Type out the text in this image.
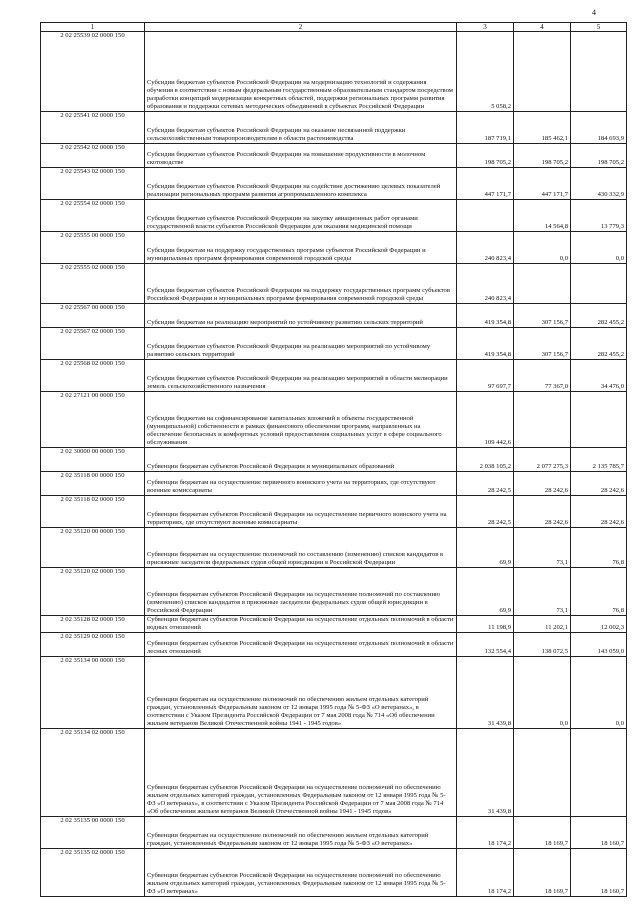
4
1	2	3	4	5
2 02 25539 02 0000 150	Субсидии бюджетам субъектов Российской Федерации на модернизацию технологий и содержания обучения в соответствии с новым федеральным государственным образовательным стандартом посредством разработки концепций модернизации конкретных областей, поддержки региональных программ развития образования и поддержки сетевых методических объединений в субъектах Российской Федерации	5 058,2		
2 02 25541 02 0000 150	Субсидии бюджетам субъектов Российской Федерации на оказание несвязанной поддержки сельскохозяйственным товаропроизводителям в области растениеводства	187 719,1	185 462,1	184 693,9
2 02 25542 02 0000 150	Субсидии бюджетам субъектов Российской Федерации на повышение продуктивности в молочном скотоводстве	198 705,2	198 705,2	198 705,2
2 02 25543 02 0000 150	Субсидии бюджетам субъектов Российской Федерации на содействие достижению целевых показателей реализации региональных программ развития агропромышленного комплекса	447 171,7	447 171,7	430 332,9
2 02 25554 02 0000 150	Субсидии бюджетам субъектов Российской Федерации на закупку авиационных работ органами государственной власти субъектов Российской Федерации для оказания медицинской помощи		14 564,8	13 779,3
2 02 25555 00 0000 150	Субсидии бюджетам на поддержку государственных программ субъектов Российской Федерации и муниципальных программ формирования современной городской среды	240 823,4	0,0	0,0
2 02 25555 02 0000 150	Субсидии бюджетам субъектов Российской Федерации на поддержку государственных программ субъектов Российской Федерации и муниципальных программ формирования современной городской среды	240 823,4		
2 02 25567 00 0000 150	Субсидии бюджетам на реализацию мероприятий по устойчивому развитию сельских территорий	419 354,8	307 156,7	282 455,2
2 02 25567 02 0000 150	Субсидии бюджетам субъектов Российской Федерации на реализацию мероприятий по устойчивому развитию сельских территорий	419 354,8	307 156,7	282 455,2
2 02 25568 02 0000 150	Субсидии бюджетам субъектов Российской Федерации на реализацию мероприятий в области мелиорации земель сельскохозяйственного назначения	97 697,7	77 367,0	34 476,0
2 02 27121 00 0000 150	Субсидии бюджетам на софинансирование капитальных вложений в объекты государственной (муниципальной) собственности в рамках финансового обеспечения программ, направленных на обеспечение безопасных и комфортных условий предоставления социальных услуг в сфере социального обслуживания	109 442,6		
2 02 30000 00 0000 150	Субвенции бюджетам субъектов Российской Федерации и муниципальных образований	2 038 105,2	2 077 275,3	2 135 785,7
2 02 35118 00 0000 150	Субвенции бюджетам на осуществление первичного воинского учета на территориях, где отсутствуют военные комиссариаты	28 242,5	28 242,6	28 242,6
2 02 35118 02 0000 150	Субвенции бюджетам субъектов Российской Федерации на осуществление первичного воинского учета на территориях, где отсутствуют военные комиссариаты	28 242,5	28 242,6	28 242,6
2 02 35120 00 0000 150	Субвенции бюджетам на осуществление полномочий по составлению (изменению) списков кандидатов в присяжные заседатели федеральных судов общей юрисдикции в Российской Федерации	69,9	73,1	76,8
2 02 35120 02 0000 150	Субвенции бюджетам субъектов Российской Федерации на осуществление полномочий по составлению (изменению) списков кандидатов в присяжные заседатели федеральных судов общей юрисдикции в Российской Федерации	69,9	73,1	76,8
2 02 35128 02 0000 150	Субвенции бюджетам субъектов Российской Федерации на осуществление отдельных полномочий в области водных отношений	11 198,9	11 202,1	12 002,3
2 02 35129 02 0000 150	Субвенции бюджетам субъектов Российской Федерации на осуществление отдельных полномочий в области лесных отношений	132 554,4	138 072,5	143 059,0
2 02 35134 00 0000 150	Субвенции бюджетам на осуществление полномочий по обеспечению жильем отдельных категорий граждан, установленных Федеральным законом от 12 января 1995 года № 5-ФЗ «О ветеранах», в соответствии с Указом Президента Российской Федерации от 7 мая 2008 года № 714 «Об обеспечении жильем ветеранов Великой Отечественной войны 1941 - 1945 годов»	31 439,8	0,0	0,0
2 02 35134 02 0000 150	Субвенции бюджетам субъектов Российской Федерации на осуществление полномочий по обеспечению жильем отдельных категорий граждан, установленных Федеральным законом от 12 января 1995 года № 5-ФЗ «О ветеранах», в соответствии с Указом Президента Российской Федерации от 7 мая 2008 года № 714 «Об обеспечении жильем ветеранов Великой Отечественной войны 1941 - 1945 годов»	31 439,8		
2 02 35135 00 0000 150	Субвенции бюджетам на осуществление полномочий по обеспечению жильем отдельных категорий граждан, установленных Федеральным законом от 12 января 1995 года № 5-ФЗ «О ветеранах»	18 174,2	18 169,7	18 160,7
2 02 35135 02 0000 150	Субвенции бюджетам субъектов Российской Федерации на осуществление полномочий по обеспечению жильем отдельных категорий граждан, установленных Федеральным законом от 12 января 1995 года № 5-ФЗ «О ветеранах»	18 174,2	18 169,7	18 160,7
